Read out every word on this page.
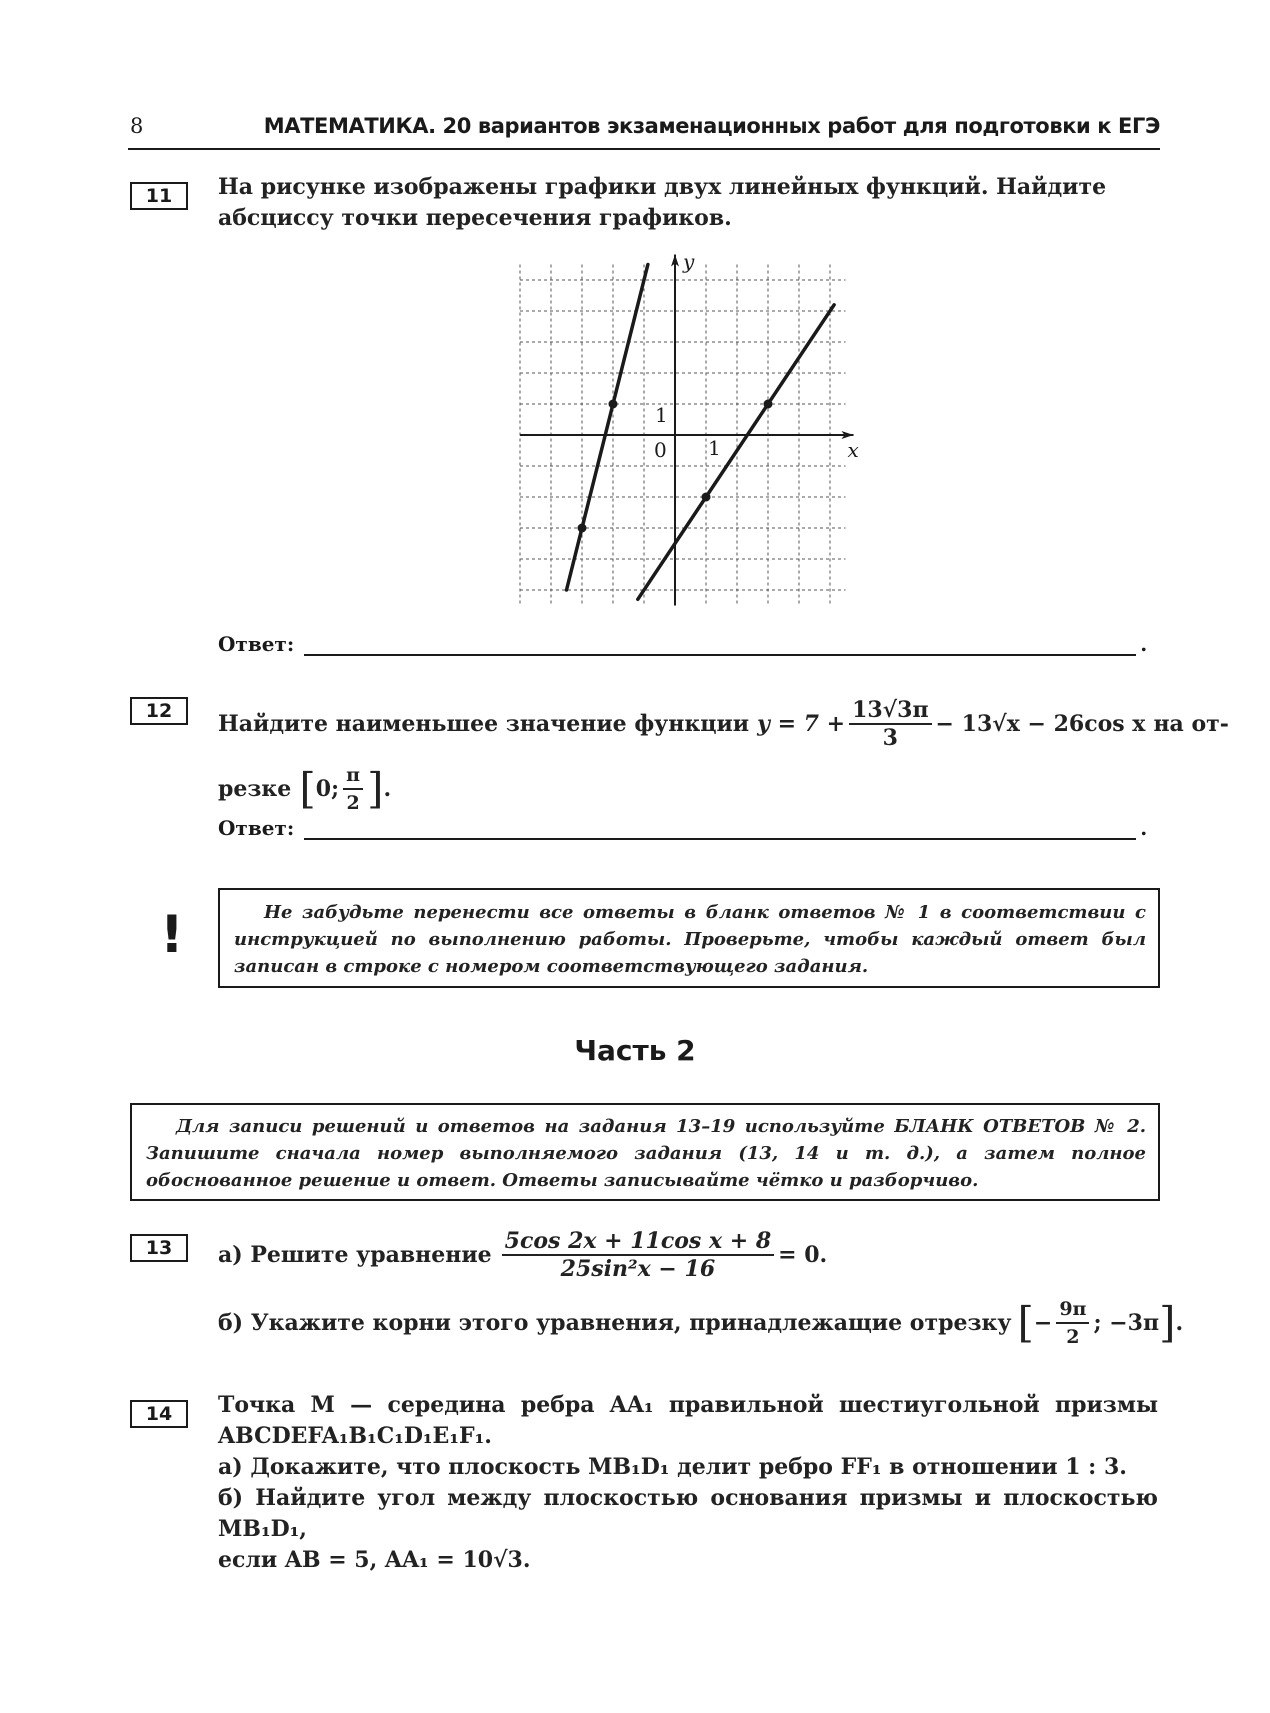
8	МАТЕМАТИКА. 20 вариантов экзаменационных работ для подготовки к ЕГЭ
11	На рисунке изображены графики двух линейных функций. Найдите абсциссу точки пересечения графиков.
y
x
0 1
1
Ответ:	.
12	Найдите наименьшее значение функции $y = 7 + \frac{13√3\pi}{3} - 13√x - 26\cos$ x на от-
резке [ 0; $\frac{\pi}{2}$ ] .
Ответ:	.
!	Не забудьте перенести все ответы в бланк ответов № 1 в соответствии с инструкцией по выполнению работы. Проверьте, чтобы каждый ответ был записан в строке с номером соответствующего задания.
Часть 2
Для записи решений и ответов на задания 13–19 используйте БЛАНК ОТВЕТОВ № 2. Запишите сначала номер выполняемого задания (13, 14 и т. д.), а затем полное обоснованное решение и ответ. Ответы записывайте чётко и разборчиво.
13	а) Решите уравнение $\frac{\text{5cos 2x + 11cos x + 8}}{\text{25sin²x − 16}} = 0$.
б) Укажите корни этого уравнения, принадлежащие отрезку [ − $\frac{9\pi}{2}$ ; −3π ] .
14	Точка M — середина ребра AA₁ правильной шестиугольной призмы ABCDEFA₁B₁C₁D₁E₁F₁.
а) Докажите, что плоскость MB₁D₁ делит ребро FF₁ в отношении 1 : 3.
б) Найдите угол между плоскостью основания призмы и плоскостью MB₁D₁,
если AB = 5, AA₁ = 10√3.
